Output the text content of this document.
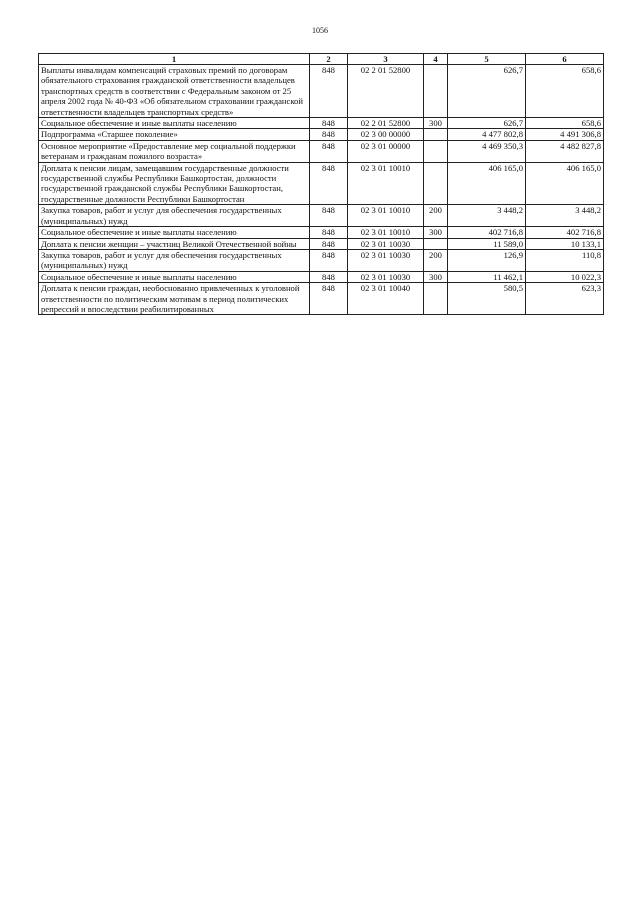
1056
1	2	3	4	5	6
Выплаты инвалидам компенсаций страховых премий по договорам обязательного страхования гражданской ответственности владельцев транспортных средств в соответствии с Федеральным законом от 25 апреля 2002 года № 40-ФЗ «Об обязательном страховании гражданской ответственности владельцев транспортных средств»	848	02 2 01 52800		626,7	658,6
Социальное обеспечение и иные выплаты населению	848	02 2 01 52800	300	626,7	658,6
Подпрограмма «Старшее поколение»	848	02 3 00 00000		4 477 802,8	4 491 306,8
Основное мероприятие «Предоставление мер социальной поддержки ветеранам и гражданам пожилого возраста»	848	02 3 01 00000		4 469 350,3	4 482 827,8
Доплата к пенсии лицам, замещавшим государственные должности государственной службы Республики Башкортостан, должности государственной гражданской службы Республики Башкортостан, государственные должности Республики Башкортостан	848	02 3 01 10010		406 165,0	406 165,0
Закупка товаров, работ и услуг для обеспечения государственных (муниципальных) нужд	848	02 3 01 10010	200	3 448,2	3 448,2
Социальное обеспечение и иные выплаты населению	848	02 3 01 10010	300	402 716,8	402 716,8
Доплата к пенсии женщин – участниц Великой Отечественной войны	848	02 3 01 10030		11 589,0	10 133,1
Закупка товаров, работ и услуг для обеспечения государственных (муниципальных) нужд	848	02 3 01 10030	200	126,9	110,8
Социальное обеспечение и иные выплаты населению	848	02 3 01 10030	300	11 462,1	10 022,3
Доплата к пенсии граждан, необоснованно привлеченных к уголовной ответственности по политическим мотивам в период политических репрессий и впоследствии реабилитированных	848	02 3 01 10040		580,5	623,3
